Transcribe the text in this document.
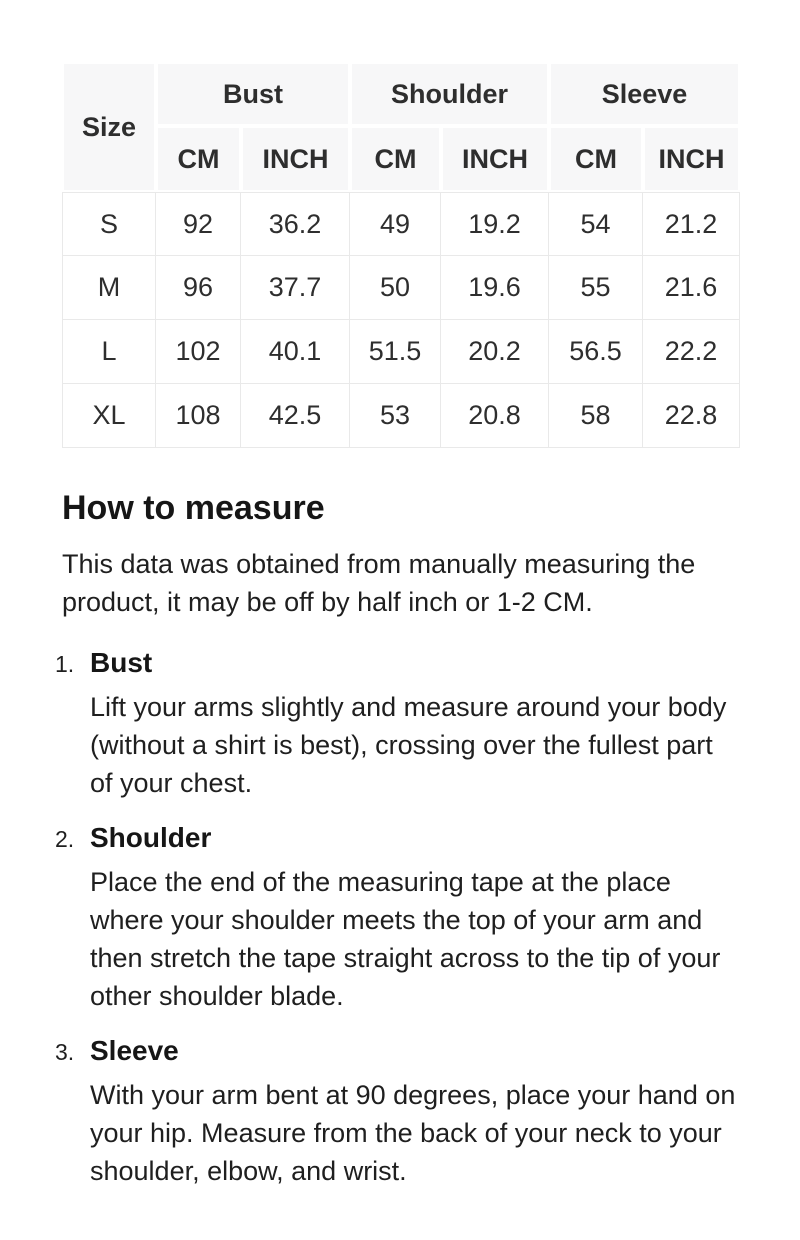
Size	Bust		Shoulder		Sleeve	
	CM	INCH	CM	INCH	CM	INCH
S	92	36.2	49	19.2	54	21.2
M	96	37.7	50	19.6	55	21.6
L	102	40.1	51.5	20.2	56.5	22.2
XL	108	42.5	53	20.8	58	22.8
How to measure

This data was obtained from manually measuring the product, it may be off by half inch or 1-2 CM.

1. Bust

Lift your arms slightly and measure around your body (without a shirt is best), crossing over the fullest part of your chest.

2. Shoulder

Place the end of the measuring tape at the place where your shoulder meets the top of your arm and then stretch the tape straight across to the tip of your other shoulder blade.

3. Sleeve

With your arm bent at 90 degrees, place your hand on your hip. Measure from the back of your neck to your shoulder, elbow, and wrist.
